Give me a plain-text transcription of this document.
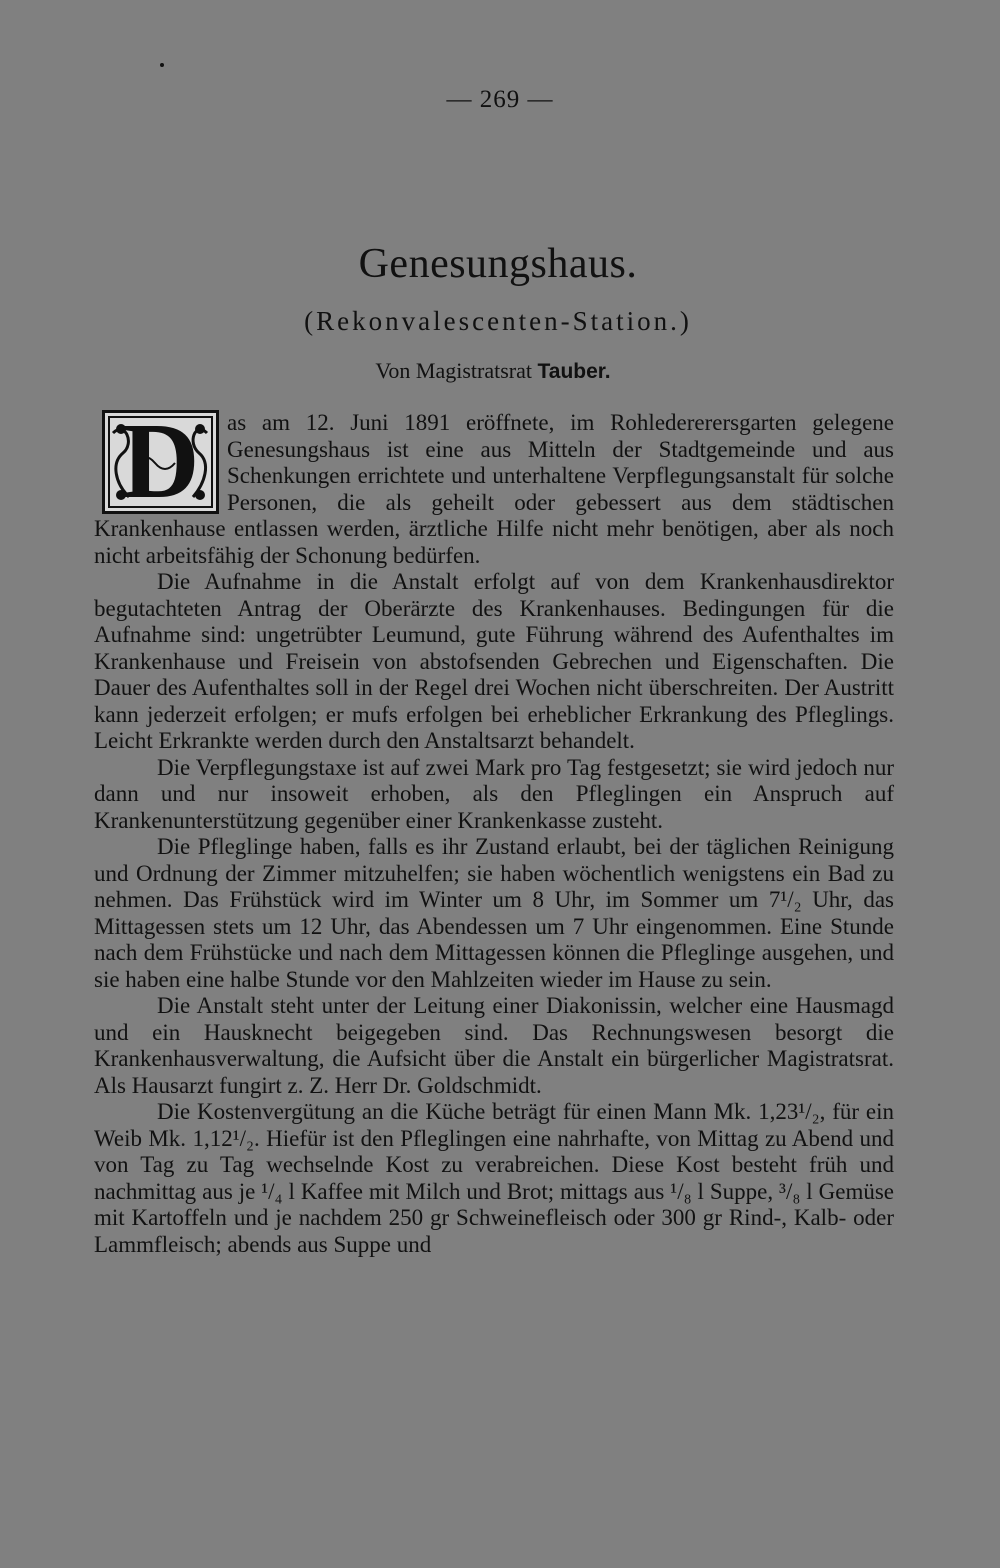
— 269 —
Genesungshaus.
(Rekonvalescenten-Station.)
Von Magistratsrat Tauber.

D	as am 12. Juni 1891 eröffnete, im Rohledererersgarten gelegene Genesungshaus ist eine aus Mitteln der Stadtgemeinde und aus Schenkungen errichtete und unterhaltene Verpflegungsanstalt für solche Personen, die als geheilt oder gebessert aus dem städtischen Krankenhause entlassen werden, ärztliche Hilfe nicht mehr benötigen, aber als noch nicht arbeitsfähig der Schonung bedürfen.

Die Aufnahme in die Anstalt erfolgt auf von dem Krankenhausdirektor begutachteten Antrag der Oberärzte des Krankenhauses. Bedingungen für die Aufnahme sind: ungetrübter Leumund, gute Führung während des Aufenthaltes im Krankenhause und Freisein von abstofsenden Gebrechen und Eigenschaften. Die Dauer des Aufenthaltes soll in der Regel drei Wochen nicht überschreiten. Der Austritt kann jederzeit erfolgen; er mufs erfolgen bei erheblicher Erkrankung des Pfleglings. Leicht Erkrankte werden durch den Anstaltsarzt behandelt.

Die Verpflegungstaxe ist auf zwei Mark pro Tag festgesetzt; sie wird jedoch nur dann und nur insoweit erhoben, als den Pfleglingen ein Anspruch auf Krankenunterstützung gegenüber einer Krankenkasse zusteht.

Die Pfleglinge haben, falls es ihr Zustand erlaubt, bei der täglichen Reinigung und Ordnung der Zimmer mitzuhelfen; sie haben wöchentlich wenigstens ein Bad zu nehmen. Das Frühstück wird im Winter um 8 Uhr, im Sommer um 7¹/₂ Uhr, das Mittagessen stets um 12 Uhr, das Abendessen um 7 Uhr eingenommen. Eine Stunde nach dem Frühstücke und nach dem Mittagessen können die Pfleglinge ausgehen, und sie haben eine halbe Stunde vor den Mahlzeiten wieder im Hause zu sein.

Die Anstalt steht unter der Leitung einer Diakonissin, welcher eine Hausmagd und ein Hausknecht beigegeben sind. Das Rechnungswesen besorgt die Krankenhausverwaltung, die Aufsicht über die Anstalt ein bürgerlicher Magistratsrat. Als Hausarzt fungirt z. Z. Herr Dr. Goldschmidt.

Die Kostenvergütung an die Küche beträgt für einen Mann Mk. 1,23¹/₂, für ein Weib Mk. 1,12¹/₂. Hiefür ist den Pfleglingen eine nahrhafte, von Mittag zu Abend und von Tag zu Tag wechselnde Kost zu verabreichen. Diese Kost besteht früh und nachmittag aus je ¹/₄ l Kaffee mit Milch und Brot; mittags aus ¹/₈ l Suppe, ³/₈ l Gemüse mit Kartoffeln und je nachdem 250 gr Schweinefleisch oder 300 gr Rind-, Kalb- oder Lammfleisch; abends aus Suppe und
